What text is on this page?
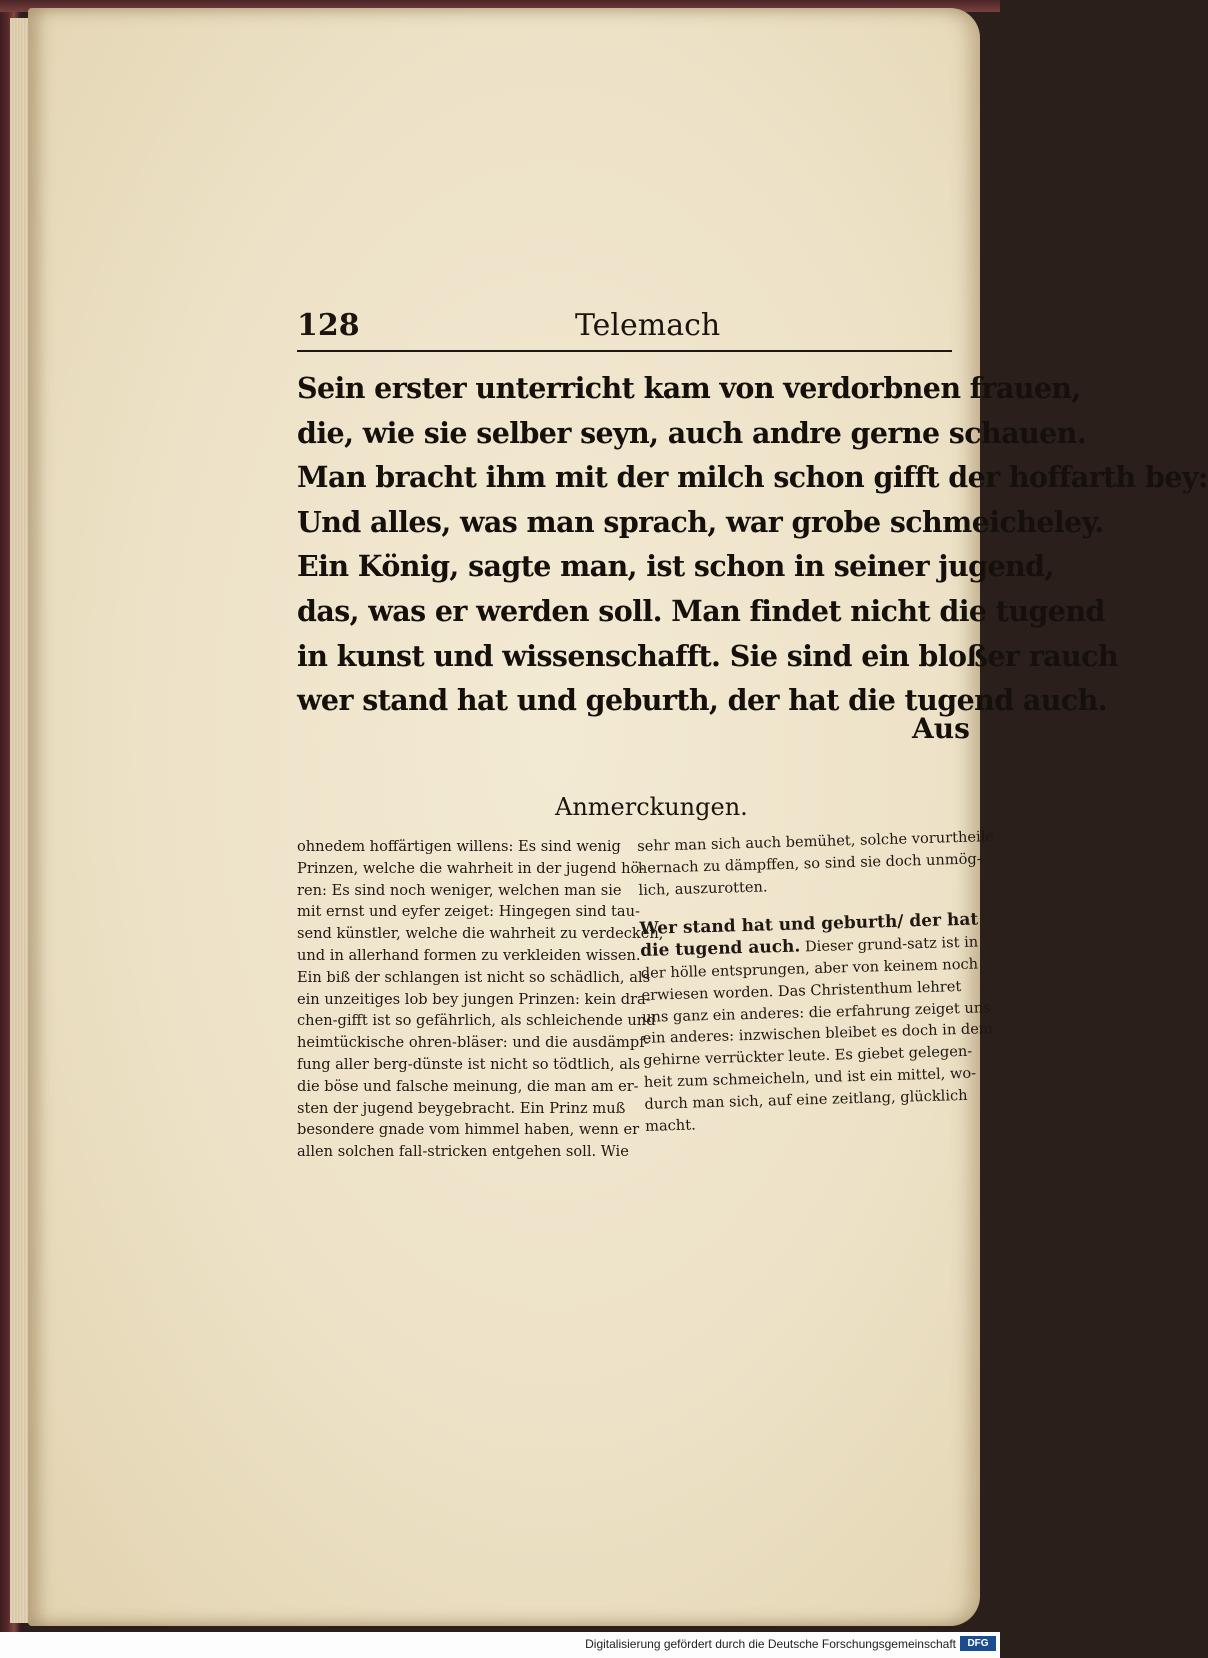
128	Telemach
Sein erster unterricht kam von verdorbnen frauen,
die, wie sie selber seyn, auch andre gerne schauen.
Man bracht ihm mit der milch schon gifft der hoffarth bey:
Und alles, was man sprach, war grobe schmeicheley.
Ein König, sagte man, ist schon in seiner jugend,
das, was er werden soll. Man findet nicht die tugend
in kunst und wissenschafft. Sie sind ein bloßer rauch
wer stand hat und geburth, der hat die tugend auch.
Aus
Anmerckungen.
ohnedem hoffärtigen willens: Es sind wenig
Prinzen, welche die wahrheit in der jugend hö-
ren: Es sind noch weniger, welchen man sie
mit ernst und eyfer zeiget: Hingegen sind tau-
send künstler, welche die wahrheit zu verdecken,
und in allerhand formen zu verkleiden wissen.
Ein biß der schlangen ist nicht so schädlich, als
ein unzeitiges lob bey jungen Prinzen: kein dra-
chen-gifft ist so gefährlich, als schleichende und
heimtückische ohren-bläser: und die ausdämpf-
fung aller berg-dünste ist nicht so tödtlich, als
die böse und falsche meinung, die man am er-
sten der jugend beygebracht. Ein Prinz muß
besondere gnade vom himmel haben, wenn er
allen solchen fall-stricken entgehen soll. Wie
sehr man sich auch bemühet, solche vorurtheile
hernach zu dämpffen, so sind sie doch unmög-
lich, auszurotten.
Wer stand hat und geburth/ der hat
die tugend auch. Dieser grund-satz ist in
der hölle entsprungen, aber von keinem noch
erwiesen worden. Das Christenthum lehret
uns ganz ein anderes: die erfahrung zeiget uns
ein anderes: inzwischen bleibet es doch in dem
gehirne verrückter leute. Es giebet gelegen-
heit zum schmeicheln, und ist ein mittel, wo-
durch man sich, auf eine zeitlang, glücklich
macht.
Digitalisierung gefördert durch die Deutsche Forschungsgemeinschaft	DFG
